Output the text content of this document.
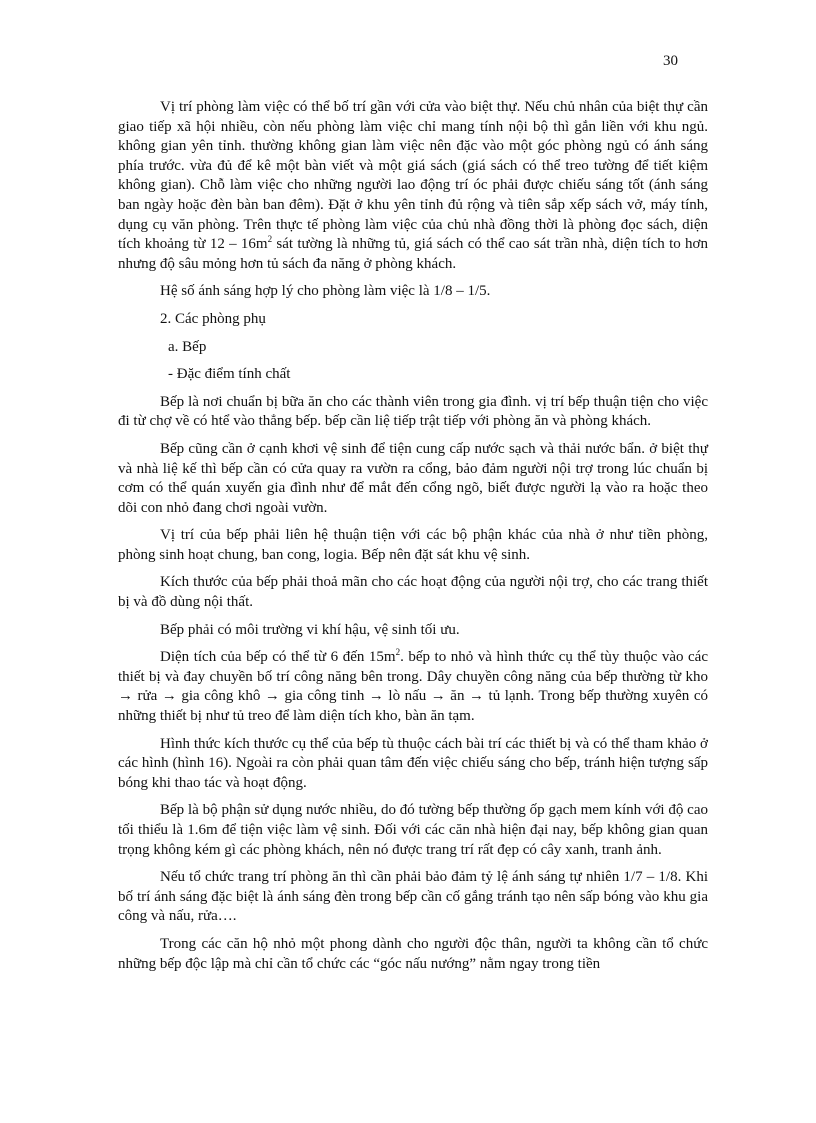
30

Vị trí phòng làm việc có thể bố trí gần với cửa vào biệt thự. Nếu chủ nhân của biệt thự cần giao tiếp xã hội nhiều, còn nếu phòng làm việc chỉ mang tính nội bộ thì gắn liền với khu ngủ. không gian yên tỉnh. thường không gian làm việc nên đặc vào một góc phòng ngủ có ánh sáng phía trước. vừa đủ để kê một bàn viết và một giá sách (giá sách có thể treo tường để tiết kiệm không gian). Chỗ làm việc cho những người lao động trí óc phải được chiếu sáng tốt (ánh sáng ban ngày hoặc đèn bàn ban đêm). Đặt ở khu yên tỉnh đủ rộng và tiên sắp xếp sách vở, máy tính, dụng cụ văn phòng. Trên thực tế phòng làm việc của chủ nhà đồng thời là phòng đọc sách, diện tích khoảng từ $12 - 16m^2$ sát tường là những tủ, giá sách có thể cao sát trần nhà, diện tích to hơn nhưng độ sâu mỏng hơn tủ sách đa năng ở phòng khách.

Hệ số ánh sáng hợp lý cho phòng làm việc là 1/8 – 1/5.

2. Các phòng phụ

a. Bếp

- Đặc điểm tính chất

Bếp là nơi chuẩn bị bữa ăn cho các thành viên trong gia đình. vị trí bếp thuận tiện cho việc đi từ chợ về có htể vào thẳng bếp. bếp cần liệ tiếp trật tiếp với phòng ăn và phòng khách.

Bếp cũng cần ở cạnh khơi vệ sinh để tiện cung cấp nước sạch và thải nước bẩn. ở biệt thự và nhà liệ kế thì bếp cần có cửa quay ra vườn ra cổng, bảo đảm người nội trợ trong lúc chuẩn bị cơm có thể quán xuyến gia đình như để mắt đến cổng ngõ, biết được người lạ vào ra hoặc theo dõi con nhỏ đang chơi ngoài vườn.

Vị trí của bếp phải liên hệ thuận tiện với các bộ phận khác của nhà ở như tiền phòng, phòng sinh hoạt chung, ban cong, logia. Bếp nên đặt sát khu vệ sinh.

Kích thước của bếp phải thoả mãn cho các hoạt động của người nội trợ, cho các trang thiết bị và đồ dùng nội thất.

Bếp phải có môi trường vi khí hậu, vệ sinh tối ưu.

Diện tích của bếp có thể từ 6 đến $15m^2$. bếp to nhỏ và hình thức cụ thể tùy thuộc vào các thiết bị và đay chuyền bố trí công năng bên trong. Dây chuyền công năng của bếp thường từ kho → rửa → gia công khô → gia công tinh → lò nấu → ăn → tủ lạnh. Trong bếp thường xuyên có những thiết bị như tủ treo để làm diện tích kho, bàn ăn tạm.

Hình thức kích thước cụ thể của bếp tù thuộc cách bài trí các thiết bị và có thể tham khảo ở các hình (hình 16). Ngoài ra còn phải quan tâm đến việc chiếu sáng cho bếp, tránh hiện tượng sấp bóng khi thao tác và hoạt động.

Bếp là bộ phận sử dụng nước nhiều, do đó tường bếp thường ốp gạch mem kính với độ cao tối thiểu là 1.6m để tiện việc làm vệ sinh. Đối với các căn nhà hiện đại nay, bếp không gian quan trọng không kém gì các phòng khách, nên nó được trang trí rất đẹp có cây xanh, tranh ảnh.

Nếu tổ chức trang trí phòng ăn thì cần phải bảo đảm tỷ lệ ánh sáng tự nhiên 1/7 – 1/8. Khi bố trí ánh sáng đặc biệt là ánh sáng đèn trong bếp cần cố gắng tránh tạo nên sấp bóng vào khu gia công và nấu, rửa….

Trong các căn hộ nhỏ một phong dành cho người độc thân, người ta không cần tổ chức những bếp độc lập mà chỉ cần tổ chức các “góc nấu nướng” nằm ngay trong tiền
